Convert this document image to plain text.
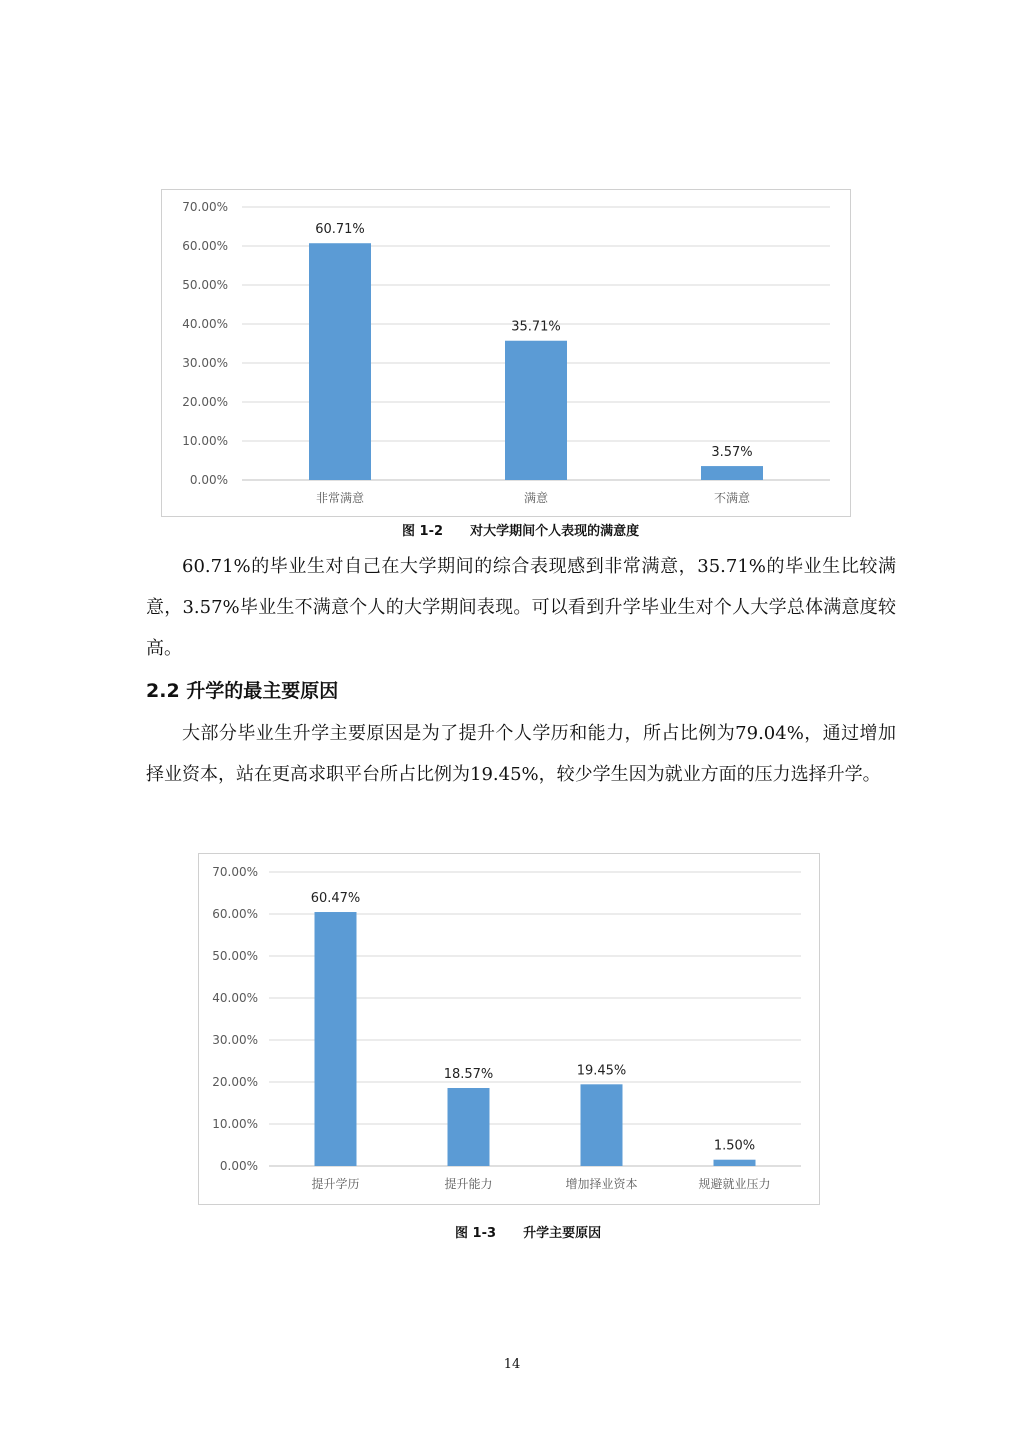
0.00%
10.00%
20.00%
30.00%
40.00%
50.00%
60.00%
70.00%
60.71%
非常满意
35.71%
满意
3.57%
不满意
图 1-2      对大学期间个人表现的满意度

60.71%的毕业生对自己在大学期间的综合表现感到非常满意，35.71%的毕业生比较满意，3.57%毕业生不满意个人的大学期间表现。可以看到升学毕业生对个人大学总体满意度较高。

2.2 升学的最主要原因

大部分毕业生升学主要原因是为了提升个人学历和能力，所占比例为79.04%，通过增加择业资本，站在更高求职平台所占比例为19.45%，较少学生因为就业方面的压力选择升学。

0.00%
10.00%
20.00%
30.00%
40.00%
50.00%
60.00%
70.00%
60.47%
提升学历
18.57%
提升能力
19.45%
增加择业资本
1.50%
规避就业压力
图 1-3      升学主要原因
14
